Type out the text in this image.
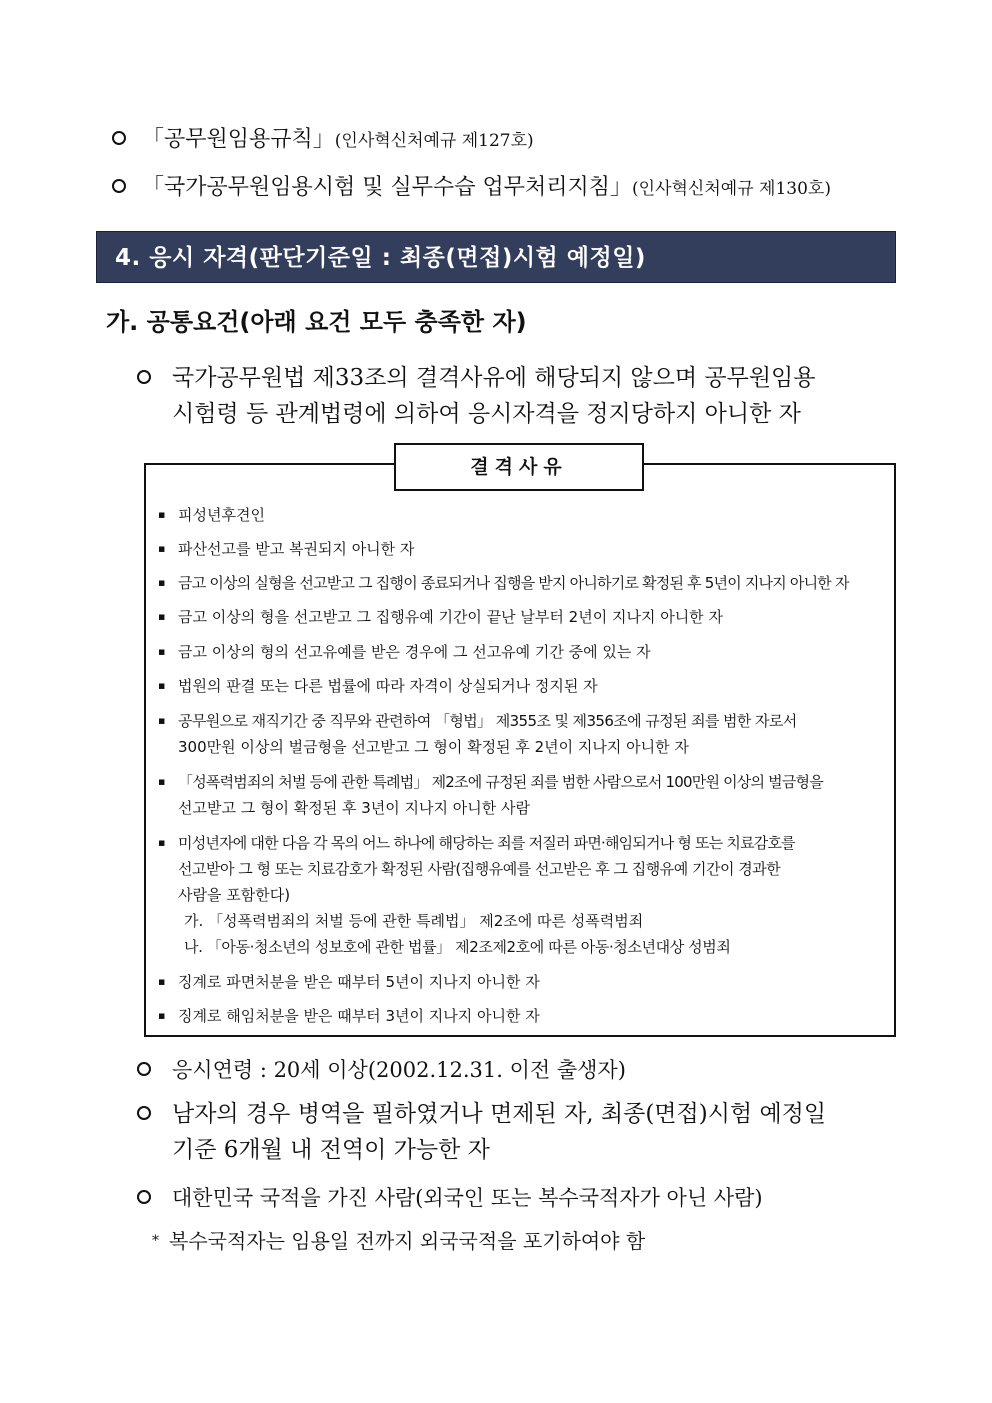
「공무원임용규칙」(인사혁신처예규 제127호)
「국가공무원임용시험 및 실무수습 업무처리지침」(인사혁신처예규 제130호)
4. 응시 자격(판단기준일 : 최종(면접)시험 예정일)
가. 공통요건(아래 요건 모두 충족한 자)
국가공무원법 제33조의 결격사유에 해당되지 않으며 공무원임용
시험령 등 관계법령에 의하여 응시자격을 정지당하지 아니한 자
결격사유
▪ 피성년후견인
▪ 파산선고를 받고 복권되지 아니한 자
▪ 금고 이상의 실형을 선고받고 그 집행이 종료되거나 집행을 받지 아니하기로 확정된 후 5년이 지나지 아니한 자
▪ 금고 이상의 형을 선고받고 그 집행유예 기간이 끝난 날부터 2년이 지나지 아니한 자
▪ 금고 이상의 형의 선고유예를 받은 경우에 그 선고유예 기간 중에 있는 자
▪ 법원의 판결 또는 다른 법률에 따라 자격이 상실되거나 정지된 자
▪ 공무원으로 재직기간 중 직무와 관련하여 「형법」 제355조 및 제356조에 규정된 죄를 범한 자로서
300만원 이상의 벌금형을 선고받고 그 형이 확정된 후 2년이 지나지 아니한 자
▪ 「성폭력범죄의 처벌 등에 관한 특례법」 제2조에 규정된 죄를 범한 사람으로서 100만원 이상의 벌금형을
선고받고 그 형이 확정된 후 3년이 지나지 아니한 사람
▪ 미성년자에 대한 다음 각 목의 어느 하나에 해당하는 죄를 저질러 파면·해임되거나 형 또는 치료감호를
선고받아 그 형 또는 치료감호가 확정된 사람(집행유예를 선고받은 후 그 집행유예 기간이 경과한
사람을 포함한다)
가. 「성폭력범죄의 처벌 등에 관한 특례법」 제2조에 따른 성폭력범죄
나. 「아동·청소년의 성보호에 관한 법률」 제2조제2호에 따른 아동·청소년대상 성범죄
▪ 징계로 파면처분을 받은 때부터 5년이 지나지 아니한 자
▪ 징계로 해임처분을 받은 때부터 3년이 지나지 아니한 자
응시연령 : 20세 이상(2002.12.31. 이전 출생자)
남자의 경우 병역을 필하였거나 면제된 자, 최종(면접)시험 예정일
기준 6개월 내 전역이 가능한 자
대한민국 국적을 가진 사람(외국인 또는 복수국적자가 아닌 사람)
* 복수국적자는 임용일 전까지 외국국적을 포기하여야 함
